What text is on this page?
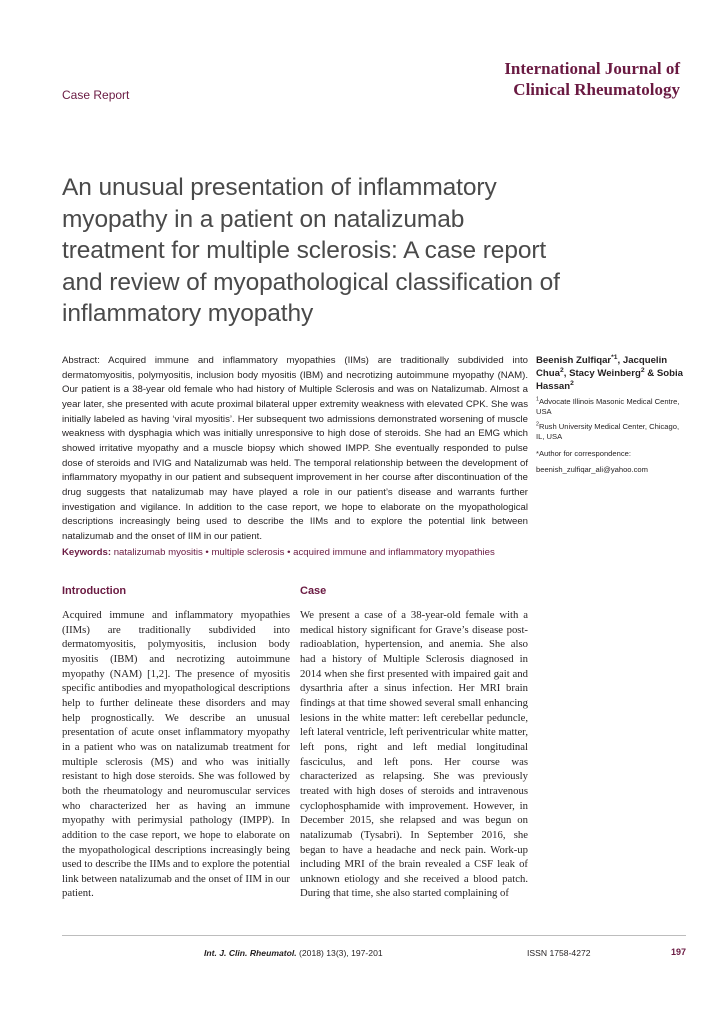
International Journal of
Clinical Rheumatology
Case Report
An unusual presentation of inflammatory myopathy in a patient on natalizumab treatment for multiple sclerosis: A case report and review of myopathological classification of inflammatory myopathy

Abstract: Acquired immune and inflammatory myopathies (IIMs) are traditionally subdivided into dermatomyositis, polymyositis, inclusion body myositis (IBM) and necrotizing autoimmune myopathy (NAM). Our patient is a 38-year old female who had history of Multiple Sclerosis and was on Natalizumab. Almost a year later, she presented with acute proximal bilateral upper extremity weakness with elevated CPK. She was initially labeled as having ‘viral myositis’. Her subsequent two admissions demonstrated worsening of muscle weakness with dysphagia which was initially unresponsive to high dose of steroids. She had an EMG which showed irritative myopathy and a muscle biopsy which showed IMPP. She eventually responded to pulse dose of steroids and IVIG and Natalizumab was held. The temporal relationship between the development of inflammatory myopathy in our patient and subsequent improvement in her course after discontinuation of the drug suggests that natalizumab may have played a role in our patient’s disease and warrants further investigation and vigilance. In addition to the case report, we hope to elaborate on the myopathological descriptions increasingly being used to describe the IIMs and to explore the potential link between natalizumab and the onset of IIM in our patient.

Beenish Zulfiqar$^{*1}$, Jacquelin Chua$^2$, Stacy Weinberg$^2$ & Sobia Hassan$^2$
$^1$Advocate Illinois Masonic Medical Centre, USA
$^2$Rush University Medical Center, Chicago, IL, USA
*Author for correspondence:
beenish_zulfiqar_ali@yahoo.com
Keywords: natalizumab myositis • multiple sclerosis • acquired immune and inflammatory myopathies
Introduction

Acquired immune and inflammatory myopathies (IIMs) are traditionally subdivided into dermatomyositis, polymyositis, inclusion body myositis (IBM) and necrotizing autoimmune myopathy (NAM) [1,2]. The presence of myositis specific antibodies and myopathological descriptions help to further delineate these disorders and may help prognostically. We describe an unusual presentation of acute onset inflammatory myopathy in a patient who was on natalizumab treatment for multiple sclerosis (MS) and who was initially resistant to high dose steroids. She was followed by both the rheumatology and neuromuscular services who characterized her as having an immune myopathy with perimysial pathology (IMPP). In addition to the case report, we hope to elaborate on the myopathological descriptions increasingly being used to describe the IIMs and to explore the potential link between natalizumab and the onset of IIM in our patient.

Case

We present a case of a 38-year-old female with a medical history significant for Grave’s disease post-radioablation, hypertension, and anemia. She also had a history of Multiple Sclerosis diagnosed in 2014 when she first presented with impaired gait and dysarthria after a sinus infection. Her MRI brain findings at that time showed several small enhancing lesions in the white matter: left cerebellar peduncle, left lateral ventricle, left periventricular white matter, left pons, right and left medial longitudinal fasciculus, and left pons. Her course was characterized as relapsing. She was previously treated with high doses of steroids and intravenous cyclophosphamide with improvement. However, in December 2015, she relapsed and was begun on natalizumab (Tysabri). In September 2016, she began to have a headache and neck pain. Work-up including MRI of the brain revealed a CSF leak of unknown etiology and she received a blood patch. During that time, she also started complaining of

Int. J. Clin. Rheumatol. (2018) 13(3), 197-201	ISSN 1758-4272	197
